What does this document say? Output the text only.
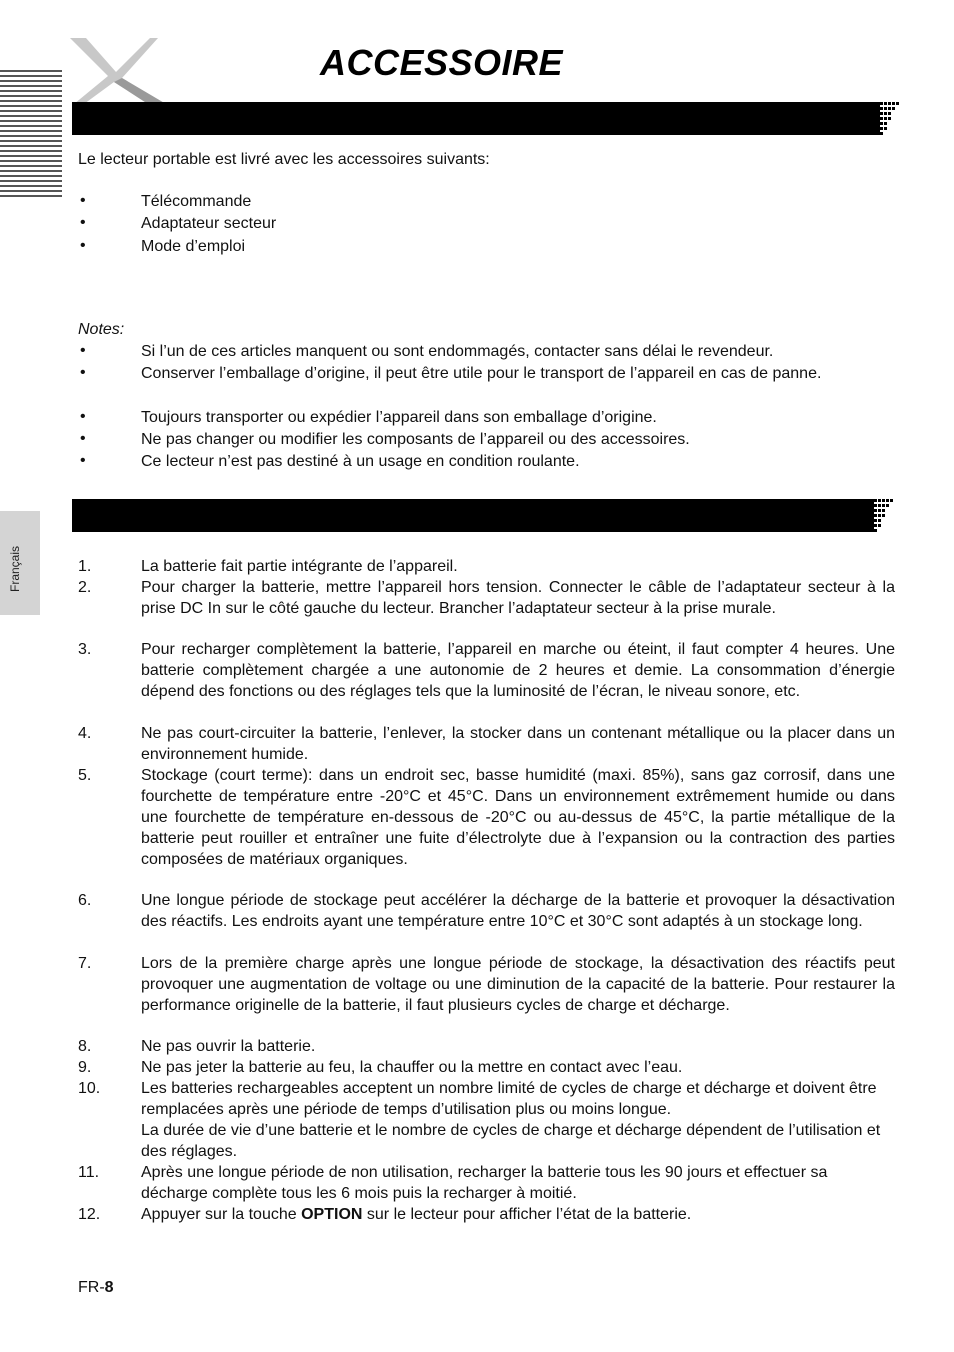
ACCESSOIRE
Le lecteur portable est livré avec les accessoires suivants:
•	Télécommande
•	Adaptateur secteur
•	Mode d’emploi
Notes:
•	Si l’un de ces articles manquent ou sont endommagés, contacter sans délai le revendeur.
•	Conserver l’emballage d’origine, il peut être utile pour le transport de l’appareil en cas de panne.
•	Toujours transporter ou expédier l’appareil dans son emballage d’origine.
•	Ne pas changer ou modifier les composants de l’appareil ou des accessoires.
•	Ce lecteur n’est pas destiné à un usage en condition roulante.
Français	1.	La batterie fait partie intégrante de l’appareil.
2.	Pour charger la batterie, mettre l’appareil hors tension. Connecter le câble de l’adaptateur secteur à la prise DC In sur le côté gauche du lecteur. Brancher l’adaptateur secteur à la prise murale.
3.	Pour recharger complètement la batterie, l’appareil en marche ou éteint, il faut compter 4 heures. Une batterie complètement chargée a une autonomie de 2 heures et demie. La consommation d’énergie dépend des fonctions ou des réglages tels que la luminosité de l’écran, le niveau sonore, etc.
4.	Ne pas court-circuiter la batterie, l’enlever, la stocker dans un contenant métallique ou la placer dans un environnement humide.
5.	Stockage (court terme): dans un endroit sec, basse humidité (maxi. 85%), sans gaz corrosif, dans une fourchette de température entre -20°C et 45°C. Dans un environnement extrêmement humide ou dans une fourchette de température en-dessous de -20°C ou au-dessus de 45°C, la partie métallique de la batterie peut rouiller et entraîner une fuite d’électrolyte due à l’expansion ou la contraction des parties composées de matériaux organiques.
6.	Une longue période de stockage peut accélérer la décharge de la batterie et provoquer la désactivation des réactifs. Les endroits ayant une température entre 10°C et 30°C sont adaptés à un stockage long.
7.	Lors de la première charge après une longue période de stockage, la désactivation des réactifs peut provoquer une augmentation de voltage ou une diminution de la capacité de la batterie. Pour restaurer la performance originelle de la batterie, il faut plusieurs cycles de charge et décharge.
8.	Ne pas ouvrir la batterie.
9.	Ne pas jeter la batterie au feu, la chauffer ou la mettre en contact avec l’eau.
10.	Les batteries rechargeables acceptent un nombre limité de cycles de charge et décharge et doivent être remplacées après une période de temps d’utilisation plus ou moins longue.
La durée de vie d’une batterie et le nombre de cycles de charge et décharge dépendent de l’utilisation et des réglages.
11.	Après une longue période de non utilisation, recharger la batterie tous les 90 jours et effectuer sa décharge complète tous les 6 mois puis la recharger à moitié.
12.	Appuyer sur la touche OPTION sur le lecteur pour afficher l’état de la batterie.
FR-8
